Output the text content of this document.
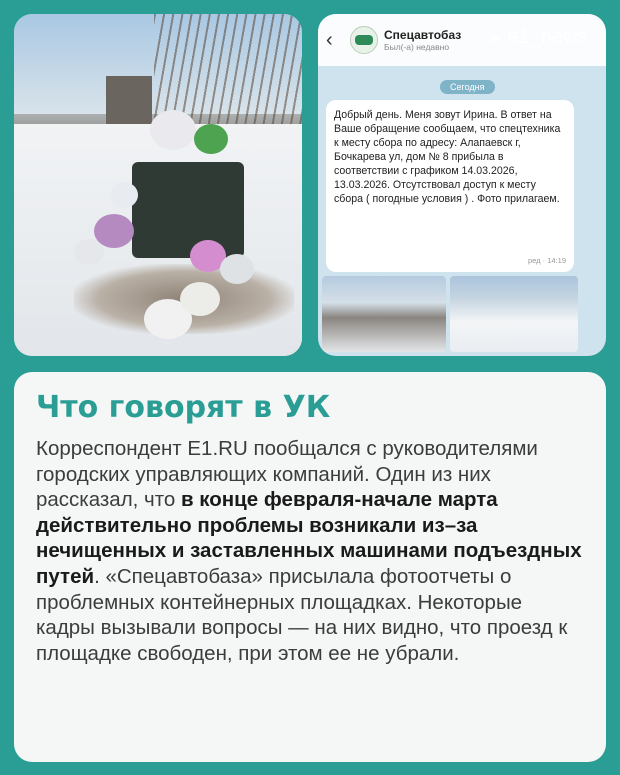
‹	Спецавтобаз
Был(-а) недавно
Сегодня
Добрый день. Меня зовут Ирина. В ответ на Ваше обращение сообщаем, что спецтехника к месту сбора по адресу: Алапаевск г, Бочкарева ул, дом № 8 прибыла в соответствии с графиком 14.03.2026, 13.03.2026. Отсутствовал доступ к месту сбора ( погодные условия ) . Фото прилагаем.
ред · 14:19
➤ e1_news
Что говорят в УК
Корреспондент E1.RU пообщался с руководителями городских управляющих компаний. Один из них рассказал, что в конце февраля-начале марта действительно проблемы возникали из–за нечищенных и заставленных машинами подъездных путей. «Спецавтобаза» присылала фотоотчеты о проблемных контейнерных площадках. Некоторые кадры вызывали вопросы — на них видно, что проезд к площадке свободен, при этом ее не убрали.
